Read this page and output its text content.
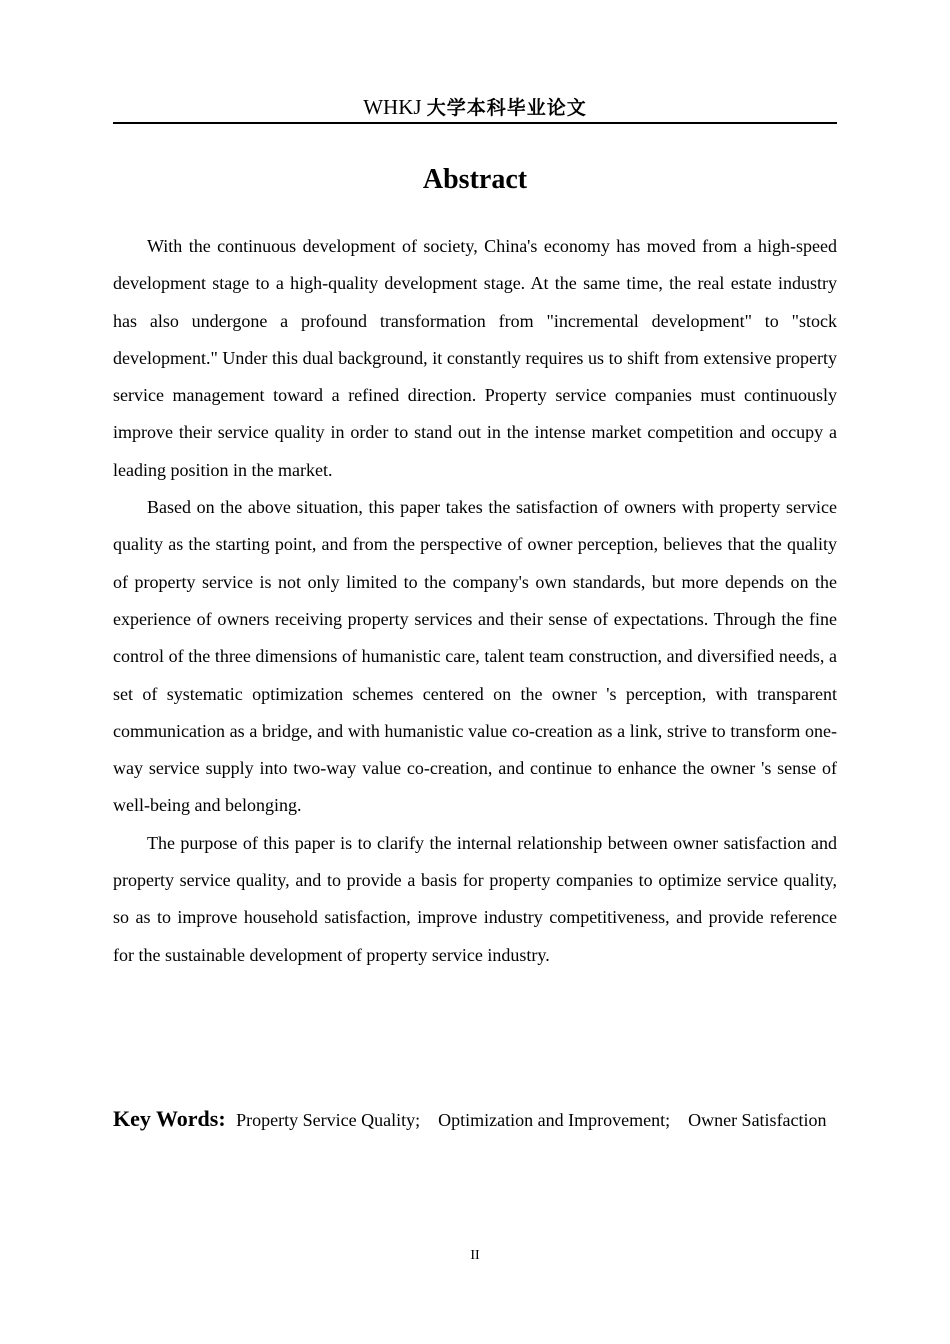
WHKJ 大学本科毕业论文
Abstract

With the continuous development of society, China's economy has moved from a high-speed development stage to a high-quality development stage. At the same time, the real estate industry has also undergone a profound transformation from "incremental development" to "stock development." Under this dual background, it constantly requires us to shift from extensive property service management toward a refined direction. Property service companies must continuously improve their service quality in order to stand out in the intense market competition and occupy a leading position in the market.

Based on the above situation, this paper takes the satisfaction of owners with property service quality as the starting point, and from the perspective of owner perception, believes that the quality of property service is not only limited to the company's own standards, but more depends on the experience of owners receiving property services and their sense of expectations. Through the fine control of the three dimensions of humanistic care, talent team construction, and diversified needs, a set of systematic optimization schemes centered on the owner 's perception, with transparent communication as a bridge, and with humanistic value co-creation as a link, strive to transform one-way service supply into two-way value co-creation, and continue to enhance the owner 's sense of well-being and belonging.

The purpose of this paper is to clarify the internal relationship between owner satisfaction and property service quality, and to provide a basis for property companies to optimize service quality, so as to improve household satisfaction, improve industry competitiveness, and provide reference for the sustainable development of property service industry.

Key Words: Property Service Quality; Optimization and Improvement; Owner Satisfaction
II
